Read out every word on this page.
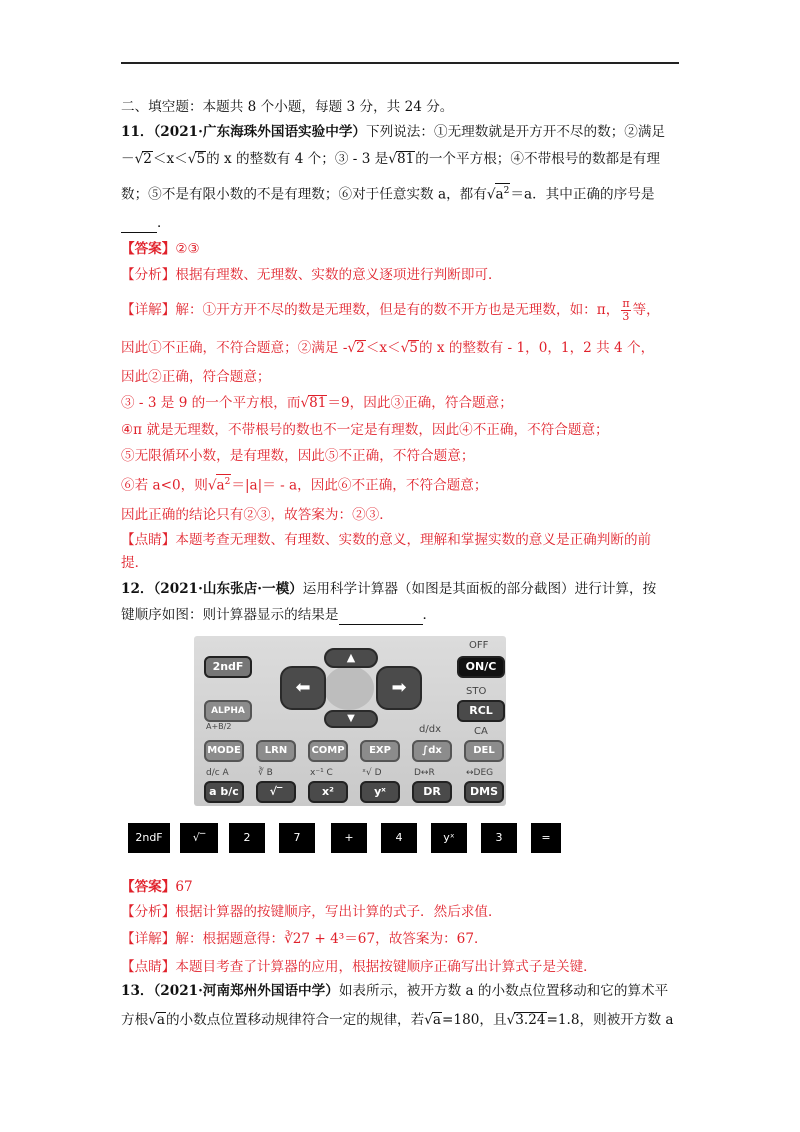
二、填空题：本题共 8 个小题，每题 3 分，共 24 分。
11．（2021·广东海珠外国语实验中学）下列说法：①无理数就是开方开不尽的数；②满足
－√2＜x＜√5的 x 的整数有 4 个；③ - 3 是√81的一个平方根；④不带根号的数都是有理
数；⑤不是有限小数的不是有理数；⑥对于任意实数 a，都有$√a^2=a$．其中正确的序号是
．
【答案】②③
【分析】根据有理数、无理数、实数的意义逐项进行判断即可．
【详解】解：①开方开不尽的数是无理数，但是有的数不开方也是无理数，如：π， $\frac{\pi}{3}$ 等，
因此①不正确，不符合题意；②满足 -√2＜x＜√5的 x 的整数有 - 1，0，1，2 共 4 个，
因此②正确，符合题意；
③ - 3 是 9 的一个平方根，而√81＝9，因此③正确，符合题意；
④π 就是无理数，不带根号的数也不一定是有理数，因此④不正确，不符合题意；
⑤无限循环小数，是有理数，因此⑤不正确，不符合题意；
⑥若 a<0，则$√a^2=|a|= - a$，因此⑥不正确，不符合题意；
因此正确的结论只有②③，故答案为：②③．
【点睛】本题考查无理数、有理数、实数的意义，理解和掌握实数的意义是正确判断的前
提．
12．（2021·山东张店·一模）运用科学计算器（如图是其面板的部分截图）进行计算，按
键顺序如图：则计算器显示的结果是	．
OFF
2ndF	ON/C
▲
⬅	➡
▼
STO
ALPHA	RCL
A+B/2	d/dx	CA
MODE	LRN	COMP	EXP	∫dx	DEL
d/c A	∛ B	x⁻¹ C	ˣ√ D	D↔R	↔DEG
a b/c	√‾	x²	yˣ	DR	DMS
2ndF	√‾	2	7	+	4	yˣ	3	=
【答案】67
【分析】根据计算器的按键顺序，写出计算的式子．然后求值．
【详解】解：根据题意得：∛27 + 4³＝67，故答案为：67．
【点睛】本题目考查了计算器的应用，根据按键顺序正确写出计算式子是关键．
13．（2021·河南郑州外国语中学）如表所示，被开方数 a 的小数点位置移动和它的算术平
方根√a的小数点位置移动规律符合一定的规律，若√a=180，且√3.24=1.8，则被开方数 a
